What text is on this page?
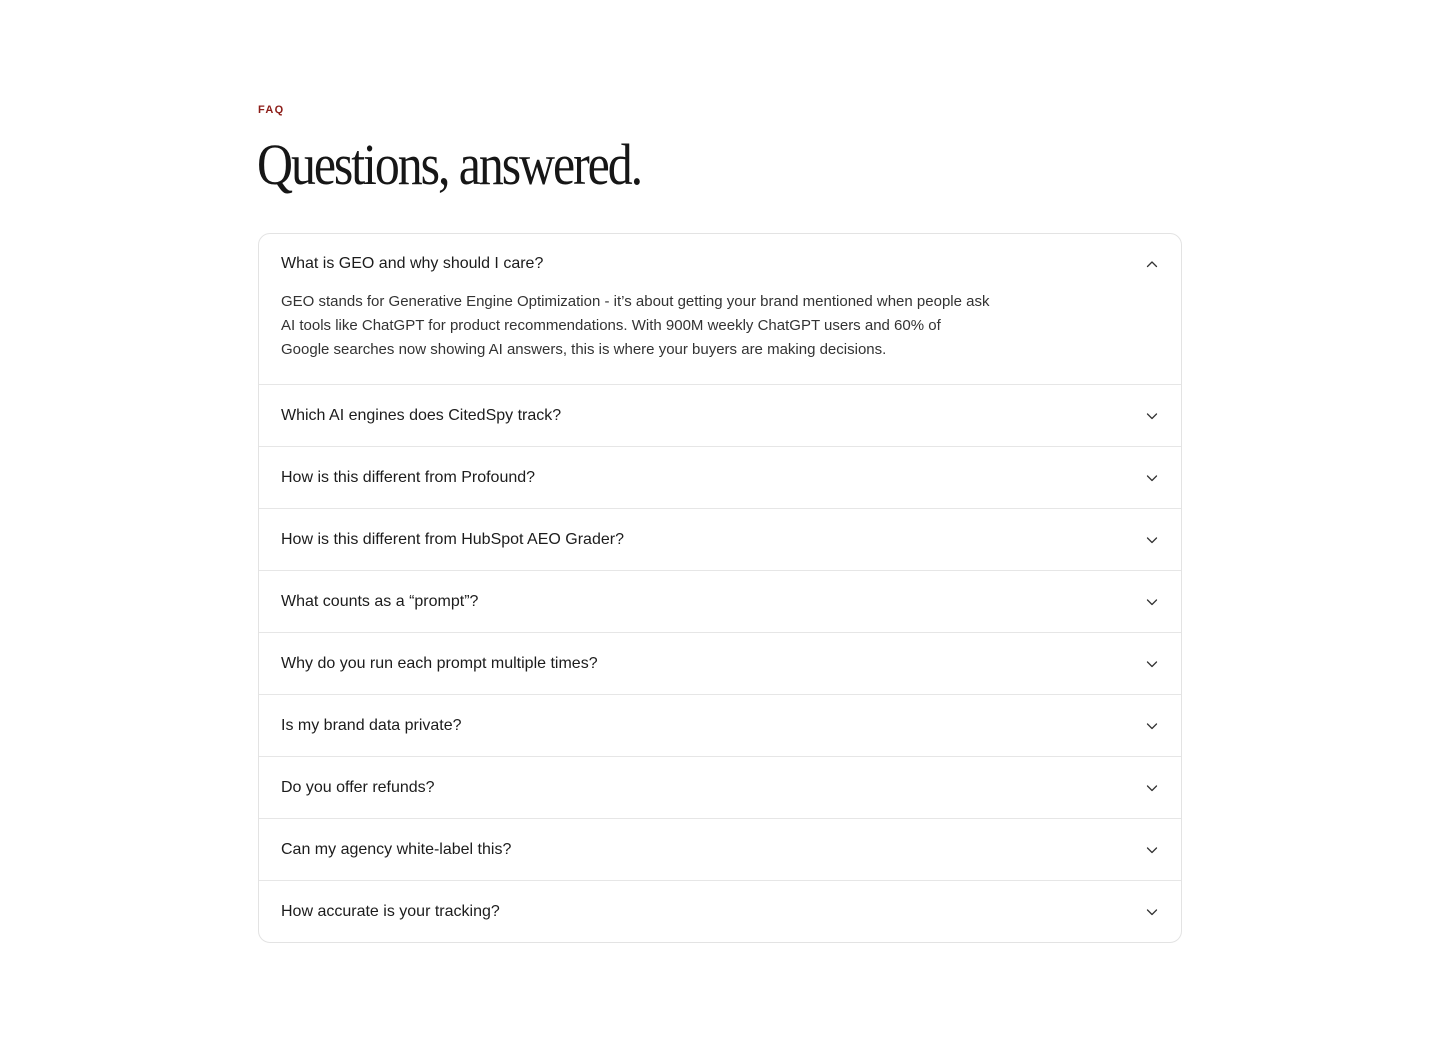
FAQ
Questions, answered.
What is GEO and why should I care?

GEO stands for Generative Engine Optimization - it’s about getting your brand mentioned when people ask AI tools like ChatGPT for product recommendations. With 900M weekly ChatGPT users and 60% of Google searches now showing AI answers, this is where your buyers are making decisions.

Which AI engines does CitedSpy track?
How is this different from Profound?
How is this different from HubSpot AEO Grader?
What counts as a “prompt”?
Why do you run each prompt multiple times?
Is my brand data private?
Do you offer refunds?
Can my agency white-label this?
How accurate is your tracking?
